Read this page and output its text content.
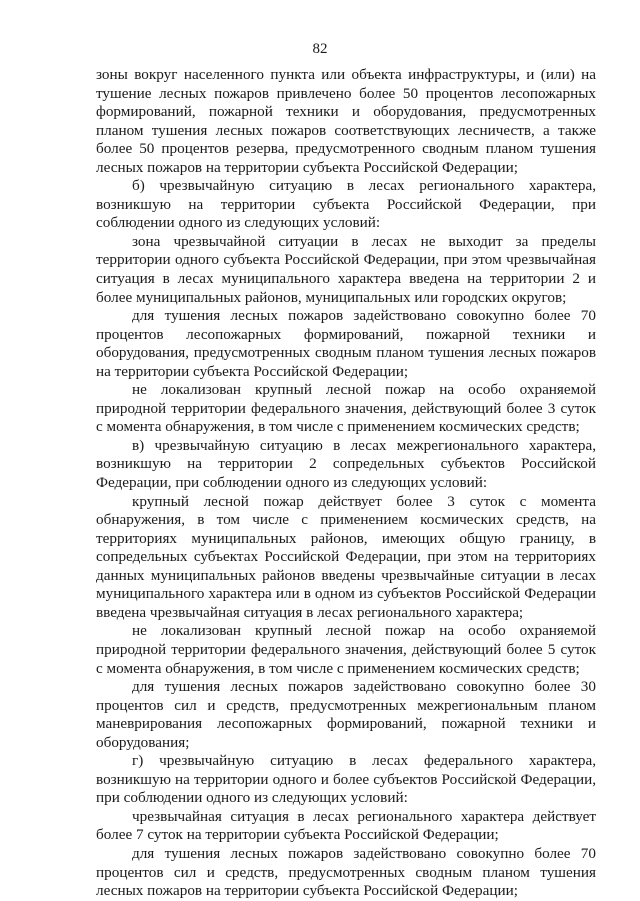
82

зоны вокруг населенного пункта или объекта инфраструктуры, и (или) на тушение лесных пожаров привлечено более 50 процентов лесопожарных формирований, пожарной техники и оборудования, предусмотренных планом тушения лесных пожаров соответствующих лесничеств, а также более 50 процентов резерва, предусмотренного сводным планом тушения лесных пожаров на территории субъекта Российской Федерации;

б) чрезвычайную ситуацию в лесах регионального характера, возникшую на территории субъекта Российской Федерации, при соблюдении одного из следующих условий:

зона чрезвычайной ситуации в лесах не выходит за пределы территории одного субъекта Российской Федерации, при этом чрезвычайная ситуация в лесах муниципального характера введена на территории 2 и более муниципальных районов, муниципальных или городских округов;

для тушения лесных пожаров задействовано совокупно более 70 процентов лесопожарных формирований, пожарной техники и оборудования, предусмотренных сводным планом тушения лесных пожаров на территории субъекта Российской Федерации;

не локализован крупный лесной пожар на особо охраняемой природной территории федерального значения, действующий более 3 суток с момента обнаружения, в том числе с применением космических средств;

в) чрезвычайную ситуацию в лесах межрегионального характера, возникшую на территории 2 сопредельных субъектов Российской Федерации, при соблюдении одного из следующих условий:

крупный лесной пожар действует более 3 суток с момента обнаружения, в том числе с применением космических средств, на территориях муниципальных районов, имеющих общую границу, в сопредельных субъектах Российской Федерации, при этом на территориях данных муниципальных районов введены чрезвычайные ситуации в лесах муниципального характера или в одном из субъектов Российской Федерации введена чрезвычайная ситуация в лесах регионального характера;

не локализован крупный лесной пожар на особо охраняемой природной территории федерального значения, действующий более 5 суток с момента обнаружения, в том числе с применением космических средств;

для тушения лесных пожаров задействовано совокупно более 30 процентов сил и средств, предусмотренных межрегиональным планом маневрирования лесопожарных формирований, пожарной техники и оборудования;

г) чрезвычайную ситуацию в лесах федерального характера, возникшую на территории одного и более субъектов Российской Федерации, при соблюдении одного из следующих условий:

чрезвычайная ситуация в лесах регионального характера действует более 7 суток на территории субъекта Российской Федерации;

для тушения лесных пожаров задействовано совокупно более 70 процентов сил и средств, предусмотренных сводным планом тушения лесных пожаров на территории субъекта Российской Федерации;
